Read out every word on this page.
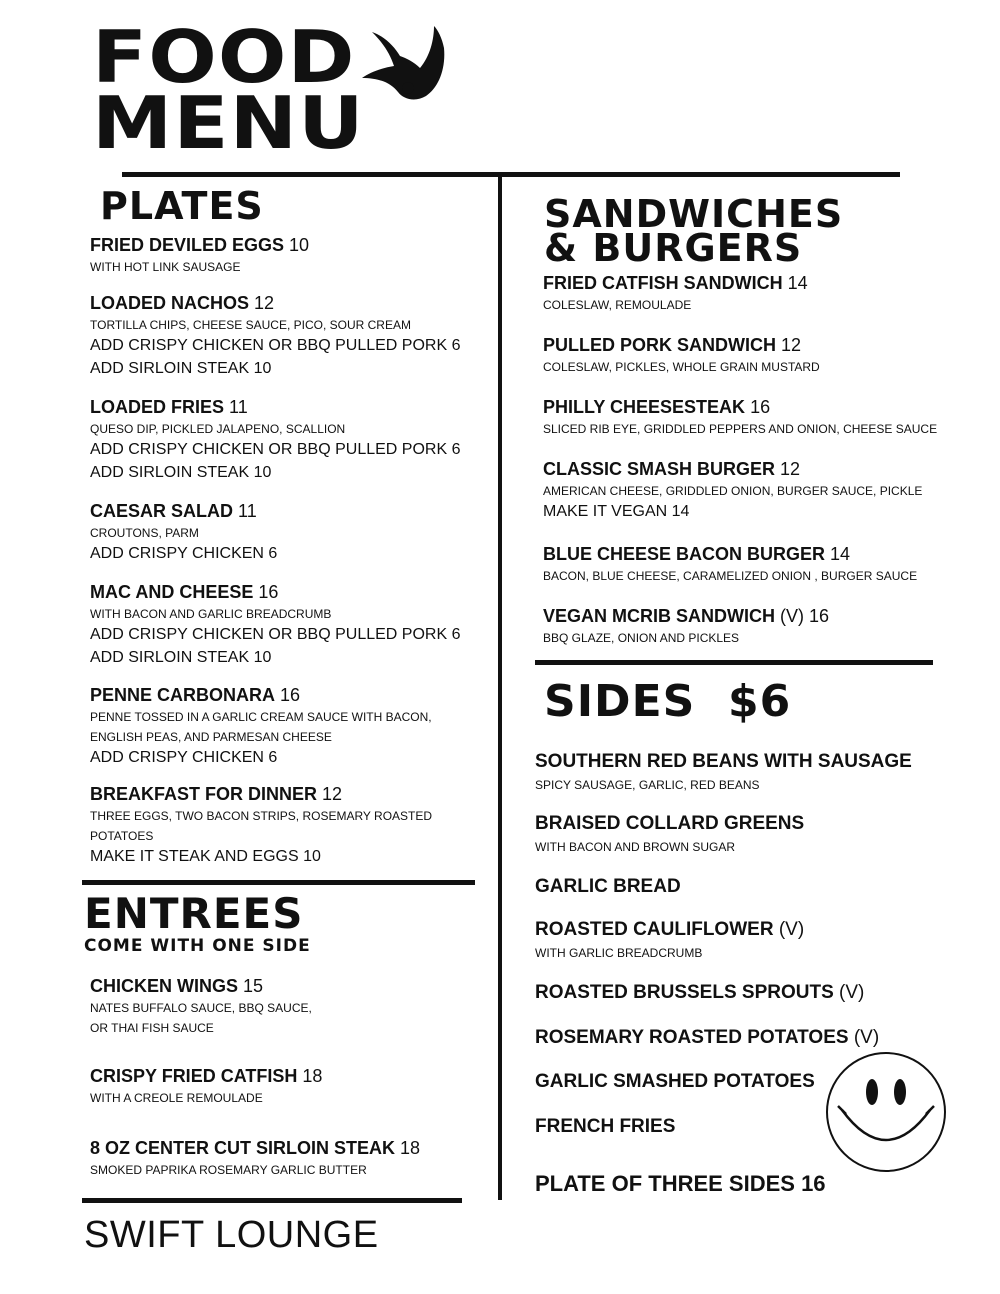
FOOD
MENU
PLATES
FRIED DEVILED EGGS 10
WITH HOT LINK SAUSAGE
LOADED NACHOS 12
TORTILLA CHIPS, CHEESE SAUCE, PICO, SOUR CREAM
ADD CRISPY CHICKEN OR BBQ PULLED PORK 6
ADD SIRLOIN STEAK 10
LOADED FRIES 11
QUESO DIP, PICKLED JALAPENO, SCALLION
ADD CRISPY CHICKEN OR BBQ PULLED PORK 6
ADD SIRLOIN STEAK 10
CAESAR SALAD 11
CROUTONS, PARM
ADD CRISPY CHICKEN 6
MAC AND CHEESE 16
WITH BACON AND GARLIC BREADCRUMB
ADD CRISPY CHICKEN OR BBQ PULLED PORK 6
ADD SIRLOIN STEAK 10
PENNE CARBONARA 16
PENNE TOSSED IN A GARLIC CREAM SAUCE WITH BACON,
ENGLISH PEAS, AND PARMESAN CHEESE
ADD CRISPY CHICKEN 6
BREAKFAST FOR DINNER 12
THREE EGGS, TWO BACON STRIPS, ROSEMARY ROASTED
POTATOES
MAKE IT STEAK AND EGGS 10
ENTREES
COME WITH ONE SIDE
CHICKEN WINGS 15
NATES BUFFALO SAUCE, BBQ SAUCE,
OR THAI FISH SAUCE
CRISPY FRIED CATFISH 18
WITH A CREOLE REMOULADE
8 OZ CENTER CUT SIRLOIN STEAK 18
SMOKED PAPRIKA ROSEMARY GARLIC BUTTER
SANDWICHES
& BURGERS
FRIED CATFISH SANDWICH 14
COLESLAW, REMOULADE
PULLED PORK SANDWICH 12
COLESLAW, PICKLES, WHOLE GRAIN MUSTARD
PHILLY CHEESESTEAK 16
SLICED RIB EYE, GRIDDLED PEPPERS AND ONION, CHEESE SAUCE
CLASSIC SMASH BURGER 12
AMERICAN CHEESE, GRIDDLED ONION, BURGER SAUCE, PICKLE
MAKE IT VEGAN 14
BLUE CHEESE BACON BURGER 14
BACON, BLUE CHEESE, CARAMELIZED ONION , BURGER SAUCE
VEGAN MCRIB SANDWICH (V) 16
BBQ GLAZE, ONION AND PICKLES
SIDES $6
SOUTHERN RED BEANS WITH SAUSAGE
SPICY SAUSAGE, GARLIC, RED BEANS
BRAISED COLLARD GREENS
WITH BACON AND BROWN SUGAR
GARLIC BREAD
ROASTED CAULIFLOWER (V)
WITH GARLIC BREADCRUMB
ROASTED BRUSSELS SPROUTS (V)
ROSEMARY ROASTED POTATOES (V)
GARLIC SMASHED POTATOES
FRENCH FRIES
PLATE OF THREE SIDES 16
SWIFT LOUNGE
